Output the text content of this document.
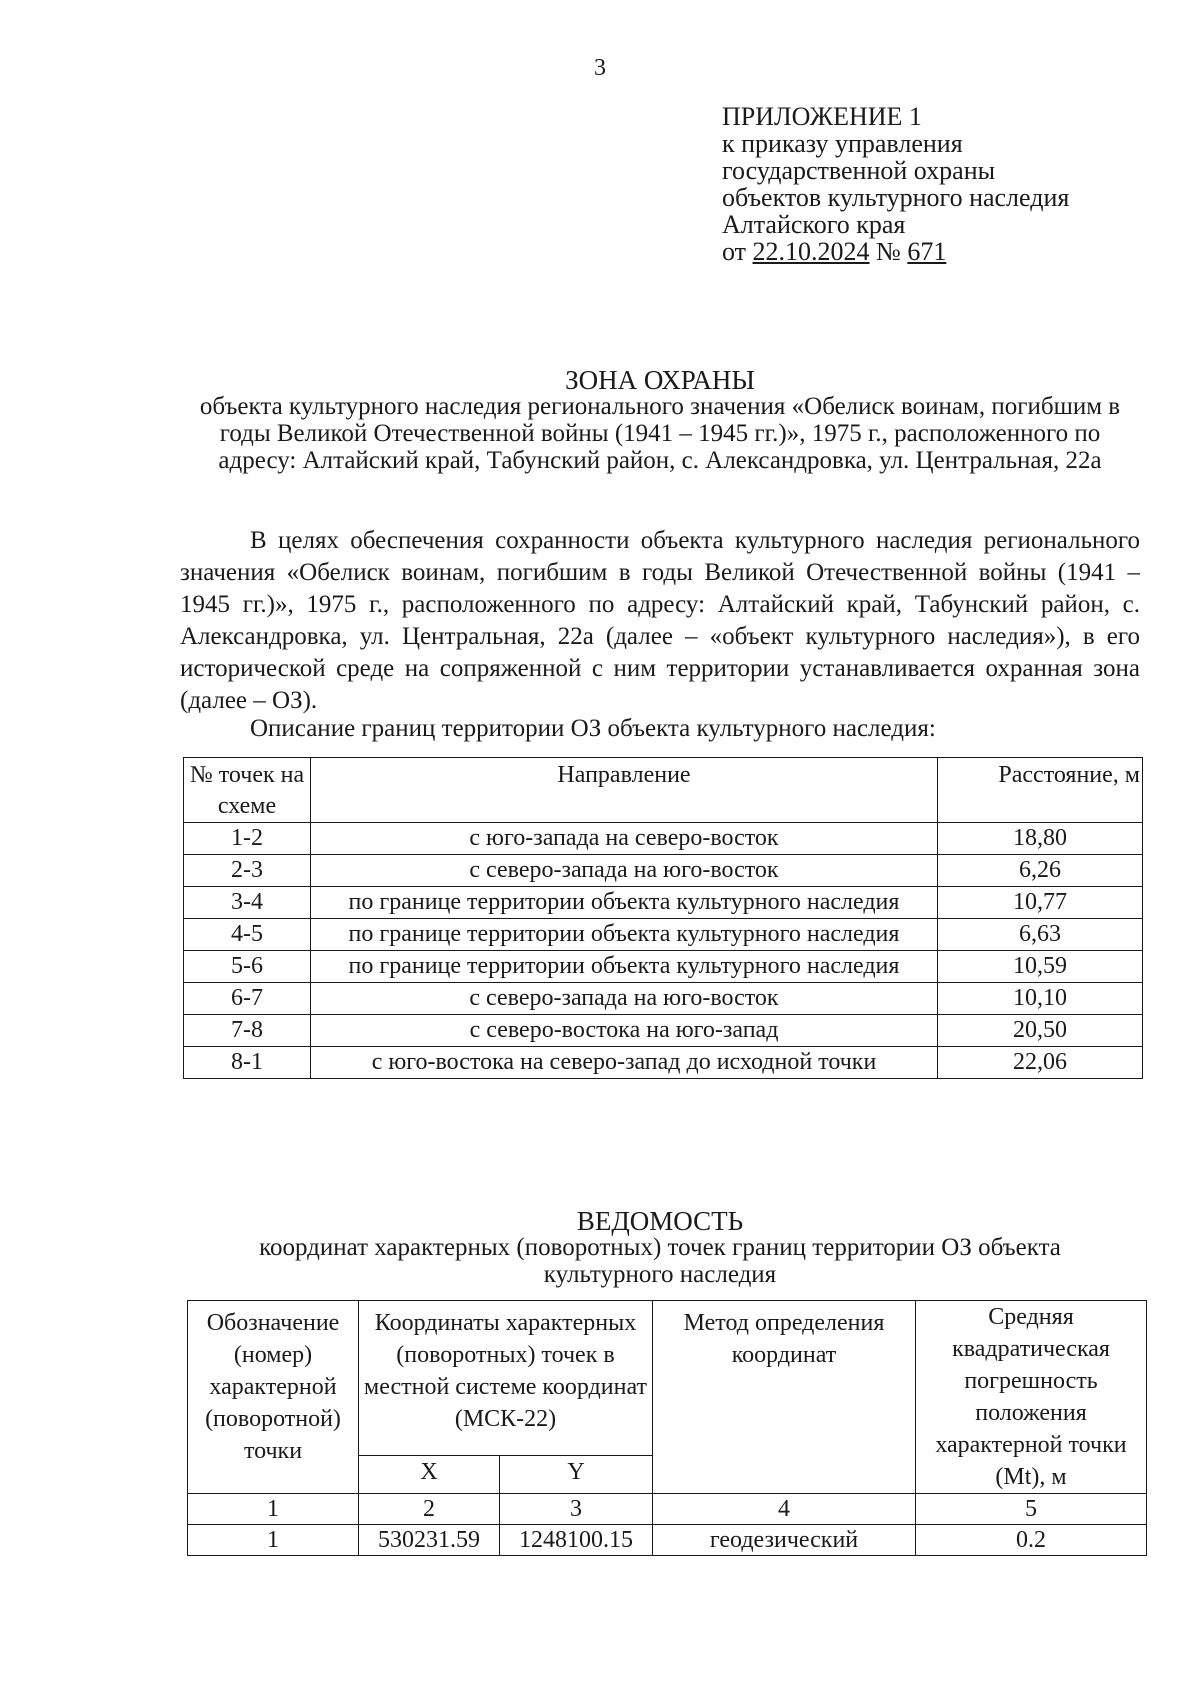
3
ПРИЛОЖЕНИЕ 1
к приказу управления
государственной охраны
объектов культурного наследия
Алтайского края
от 22.10.2024 № 671
ЗОНА ОХРАНЫ
объекта культурного наследия регионального значения «Обелиск воинам, погибшим в годы Великой Отечественной войны (1941 – 1945 гг.)», 1975 г., расположенного по адресу: Алтайский край, Табунский район, с. Александровка, ул. Центральная, 22а

В целях обеспечения сохранности объекта культурного наследия регионального значения «Обелиск воинам, погибшим в годы Великой Отечественной войны (1941 – 1945 гг.)», 1975 г., расположенного по адресу: Алтайский край, Табунский район, с. Александровка, ул. Центральная, 22а (далее – «объект культурного наследия»), в его исторической среде на сопряженной с ним территории устанавливается охранная зона (далее – ОЗ).

Описание границ территории ОЗ объекта культурного наследия:
№ точек на схеме	Направление	Расстояние, м
1-2	с юго-запада на северо-восток	18,80
2-3	с северо-запада на юго-восток	6,26
3-4	по границе территории объекта культурного наследия	10,77
4-5	по границе территории объекта культурного наследия	6,63
5-6	по границе территории объекта культурного наследия	10,59
6-7	с северо-запада на юго-восток	10,10
7-8	с северо-востока на юго-запад	20,50
8-1	с юго-востока на северо-запад до исходной точки	22,06
ВЕДОМОСТЬ
координат характерных (поворотных) точек границ территории ОЗ объекта культурного наследия
Обозначение (номер) характерной (поворотной) точки	Координаты характерных (поворотных) точек в местной системе координат (МСК-22)		Метод определения координат	Средняя квадратическая погрешность положения характерной точки (Mt), м
	X	Y		
1	2	3	4	5
1	530231.59	1248100.15	геодезический	0.2
